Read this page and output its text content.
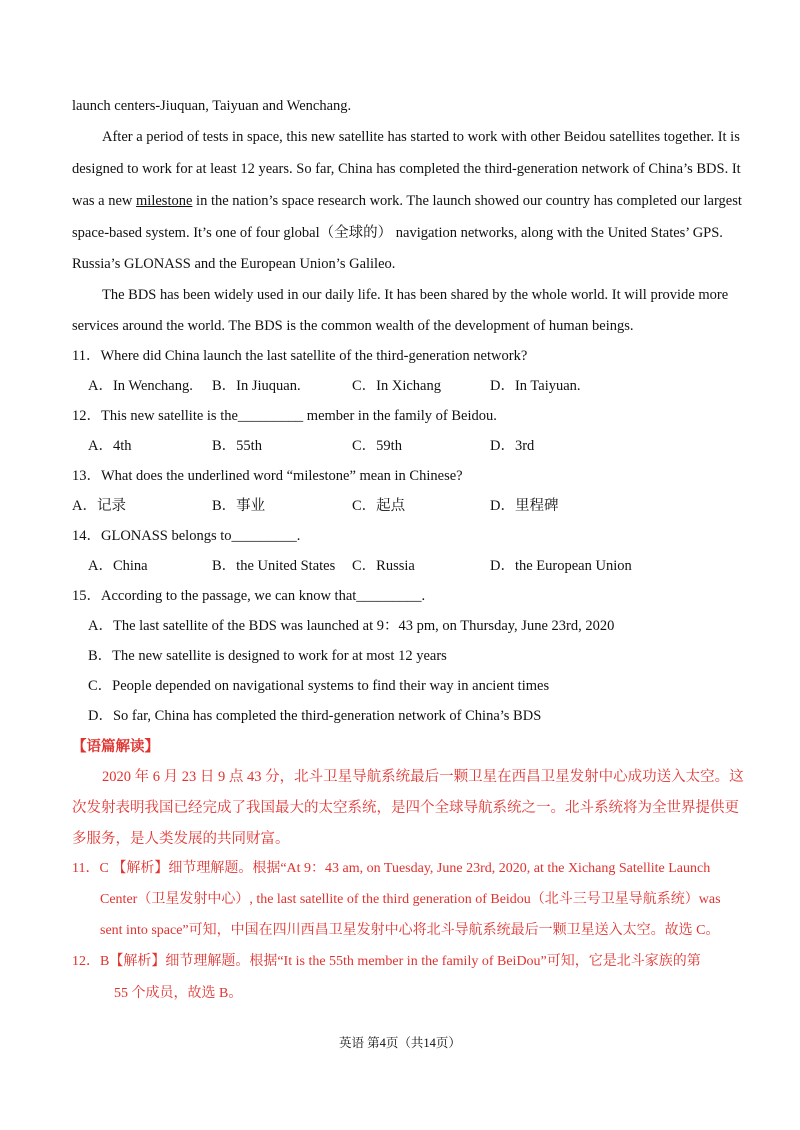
launch centers-Jiuquan, Taiyuan and Wenchang.
After a period of tests in space, this new satellite has started to work with other Beidou satellites together. It is
designed to work for at least 12 years. So far, China has completed the third-generation network of China’s BDS. It
was a new milestone in the nation’s space research work. The launch showed our country has completed our largest
space-based system. It’s one of four global（全球的） navigation networks, along with the United States’ GPS.
Russia’s GLONASS and the European Union’s Galileo.
The BDS has been widely used in our daily life. It has been shared by the whole world. It will provide more
services around the world. The BDS is the common wealth of the development of human beings.
11．Where did China launch the last satellite of the third-generation network?
A．In Wenchang. B．In Jiuquan.	C．In Xichang	D．In Taiyuan.
12．This new satellite is the_________ member in the family of Beidou.
A．4th	B．55th	C．59th	D．3rd
13．What does the underlined word “milestone” mean in Chinese?
A．记录	B．事业	C．起点	D．里程碑
14．GLONASS belongs to_________.
A．China	B．the United States C．Russia	D．the European Union
15．According to the passage, we can know that_________.
A．The last satellite of the BDS was launched at 9：43 pm, on Thursday, June 23rd, 2020
B．The new satellite is designed to work for at most 12 years
C．People depended on navigational systems to find their way in ancient times
D．So far, China has completed the third-generation network of China’s BDS
【语篇解读】
2020 年 6 月 23 日 9 点 43 分，北斗卫星导航系统最后一颗卫星在西昌卫星发射中心成功送入太空。这
次发射表明我国已经完成了我国最大的太空系统，是四个全球导航系统之一。北斗系统将为全世界提供更
多服务，是人类发展的共同财富。
11．C 【解析】细节理解题。根据“At 9：43 am, on Tuesday, June 23rd, 2020, at the Xichang Satellite Launch
Center（卫星发射中心）, the last satellite of the third generation of Beidou（北斗三号卫星导航系统）was
sent into space”可知，中国在四川西昌卫星发射中心将北斗导航系统最后一颗卫星送入太空。故选 C。
12．B【解析】细节理解题。根据“It is the 55th member in the family of BeiDou”可知，它是北斗家族的第
55 个成员，故选 B。
英语 第4页（共14页）
